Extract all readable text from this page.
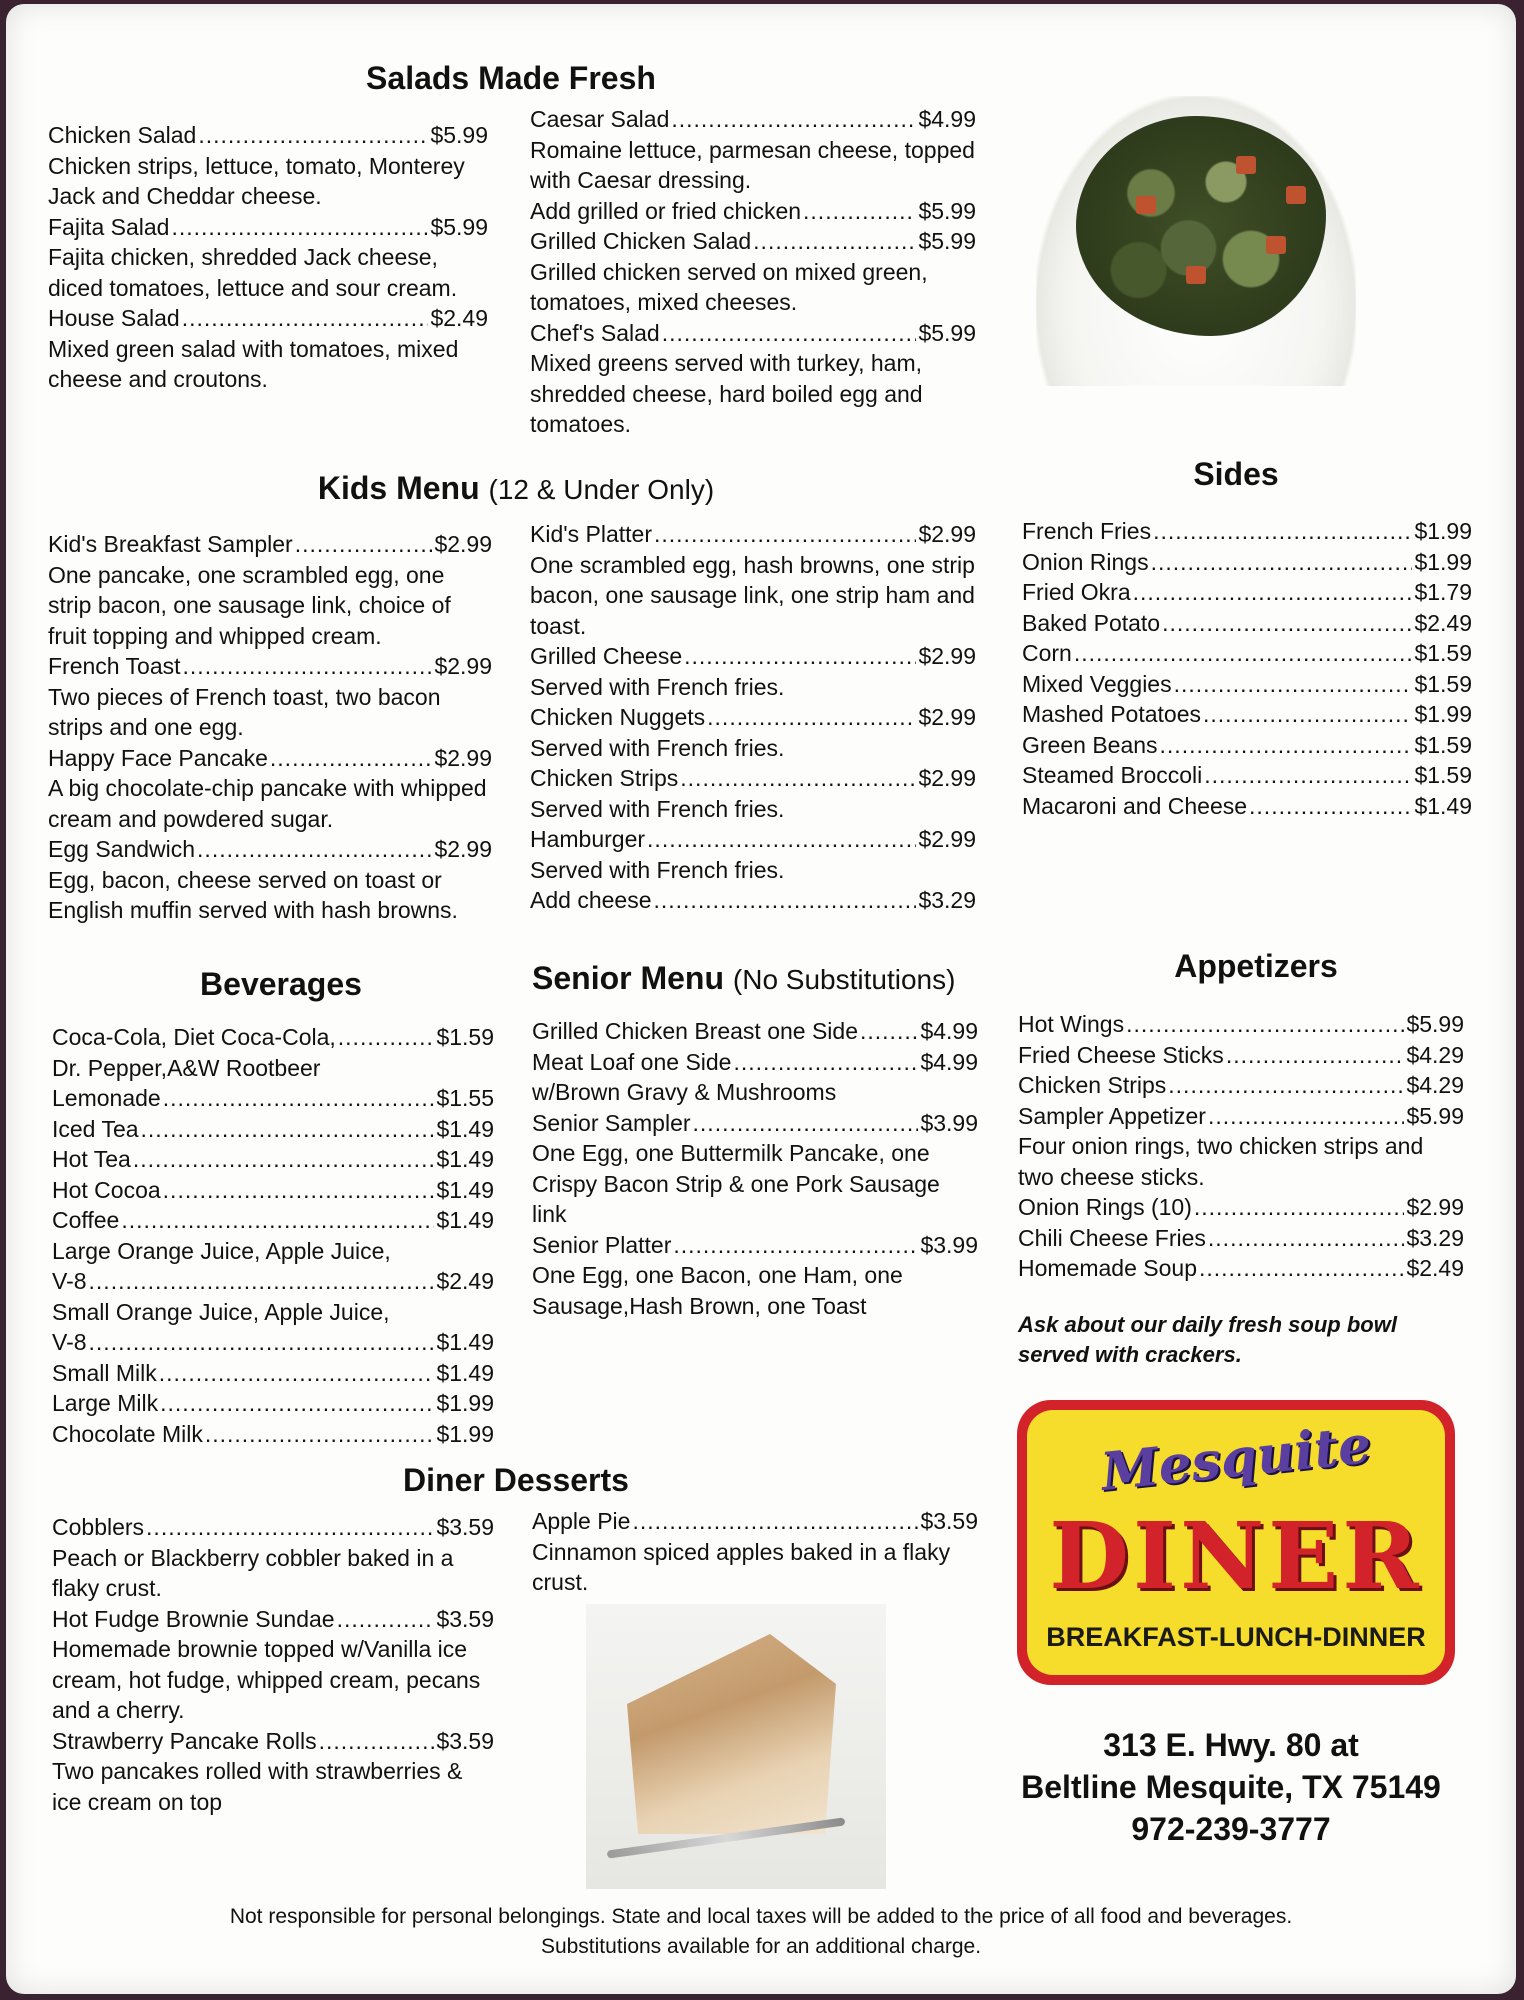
Salads Made Fresh
Chicken Salad .....	$5.99
Chicken strips, lettuce, tomato, Monterey Jack and Cheddar cheese.
Fajita Salad .....	$5.99
Fajita chicken, shredded Jack cheese, diced tomatoes, lettuce and sour cream.
House Salad .....	$2.49
Mixed green salad with tomatoes, mixed cheese and croutons.
Caesar Salad .....	$4.99
Romaine lettuce, parmesan cheese, topped with Caesar dressing.
Add grilled or fried chicken .....	$5.99
Grilled Chicken Salad .....	$5.99
Grilled chicken served on mixed green, tomatoes, mixed cheeses.
Chef's Salad .....	$5.99
Mixed greens served with turkey, ham, shredded cheese, hard boiled egg and tomatoes.
Kids Menu (12 & Under Only)
Kid's Breakfast Sampler .....	$2.99
One pancake, one scrambled egg, one strip bacon, one sausage link, choice of fruit topping and whipped cream.
French Toast .....	$2.99
Two pieces of French toast, two bacon strips and one egg.
Happy Face Pancake .....	$2.99
A big chocolate-chip pancake with whipped cream and powdered sugar.
Egg Sandwich .....	$2.99
Egg, bacon, cheese served on toast or English muffin served with hash browns.
Kid's Platter .....	$2.99
One scrambled egg, hash browns, one strip bacon, one sausage link, one strip ham and toast.
Grilled Cheese .....	$2.99
Served with French fries.
Chicken Nuggets .....	$2.99
Served with French fries.
Chicken Strips .....	$2.99
Served with French fries.
Hamburger .....	$2.99
Served with French fries.
Add cheese .....	$3.29
Sides
French Fries .....	$1.99
Onion Rings .....	$1.99
Fried Okra .....	$1.79
Baked Potato .....	$2.49
Corn .....	$1.59
Mixed Veggies .....	$1.59
Mashed Potatoes .....	$1.99
Green Beans .....	$1.59
Steamed Broccoli .....	$1.59
Macaroni and Cheese .....	$1.49
Beverages
Coca-Cola, Diet Coca-Cola, .....	$1.59
Dr. Pepper,A&W Rootbeer
Lemonade .....	$1.55
Iced Tea .....	$1.49
Hot Tea .....	$1.49
Hot Cocoa .....	$1.49
Coffee .....	$1.49
Large Orange Juice, Apple Juice,
V-8 .....	$2.49
Small Orange Juice, Apple Juice,
V-8 .....	$1.49
Small Milk .....	$1.49
Large Milk .....	$1.99
Chocolate Milk .....	$1.99
Senior Menu (No Substitutions)
Grilled Chicken Breast one Side .....	$4.99
Meat Loaf one Side .....	$4.99
w/Brown Gravy & Mushrooms
Senior Sampler .....	$3.99
One Egg, one Buttermilk Pancake, one Crispy Bacon Strip & one Pork Sausage link
Senior Platter .....	$3.99
One Egg, one Bacon, one Ham, one Sausage,Hash Brown, one Toast
Appetizers
Hot Wings .....	$5.99
Fried Cheese Sticks .....	$4.29
Chicken Strips .....	$4.29
Sampler Appetizer .....	$5.99
Four onion rings, two chicken strips and two cheese sticks.
Onion Rings (10) .....	$2.99
Chili Cheese Fries .....	$3.29
Homemade Soup .....	$2.49
Ask about our daily fresh soup bowl served with crackers.
Diner Desserts
Cobblers .....	$3.59
Peach or Blackberry cobbler baked in a flaky crust.
Hot Fudge Brownie Sundae .....	$3.59
Homemade brownie topped w/Vanilla ice cream, hot fudge, whipped cream, pecans and a cherry.
Strawberry Pancake Rolls .....	$3.59
Two pancakes rolled with strawberries & ice cream on top
Apple Pie .....	$3.59
Cinnamon spiced apples baked in a flaky crust.
Mesquite
DINER
BREAKFAST-LUNCH-DINNER
313 E. Hwy. 80 at
Beltline Mesquite, TX 75149
972-239-3777
Not responsible for personal belongings. State and local taxes will be added to the price of all food and beverages.
Substitutions available for an additional charge.
